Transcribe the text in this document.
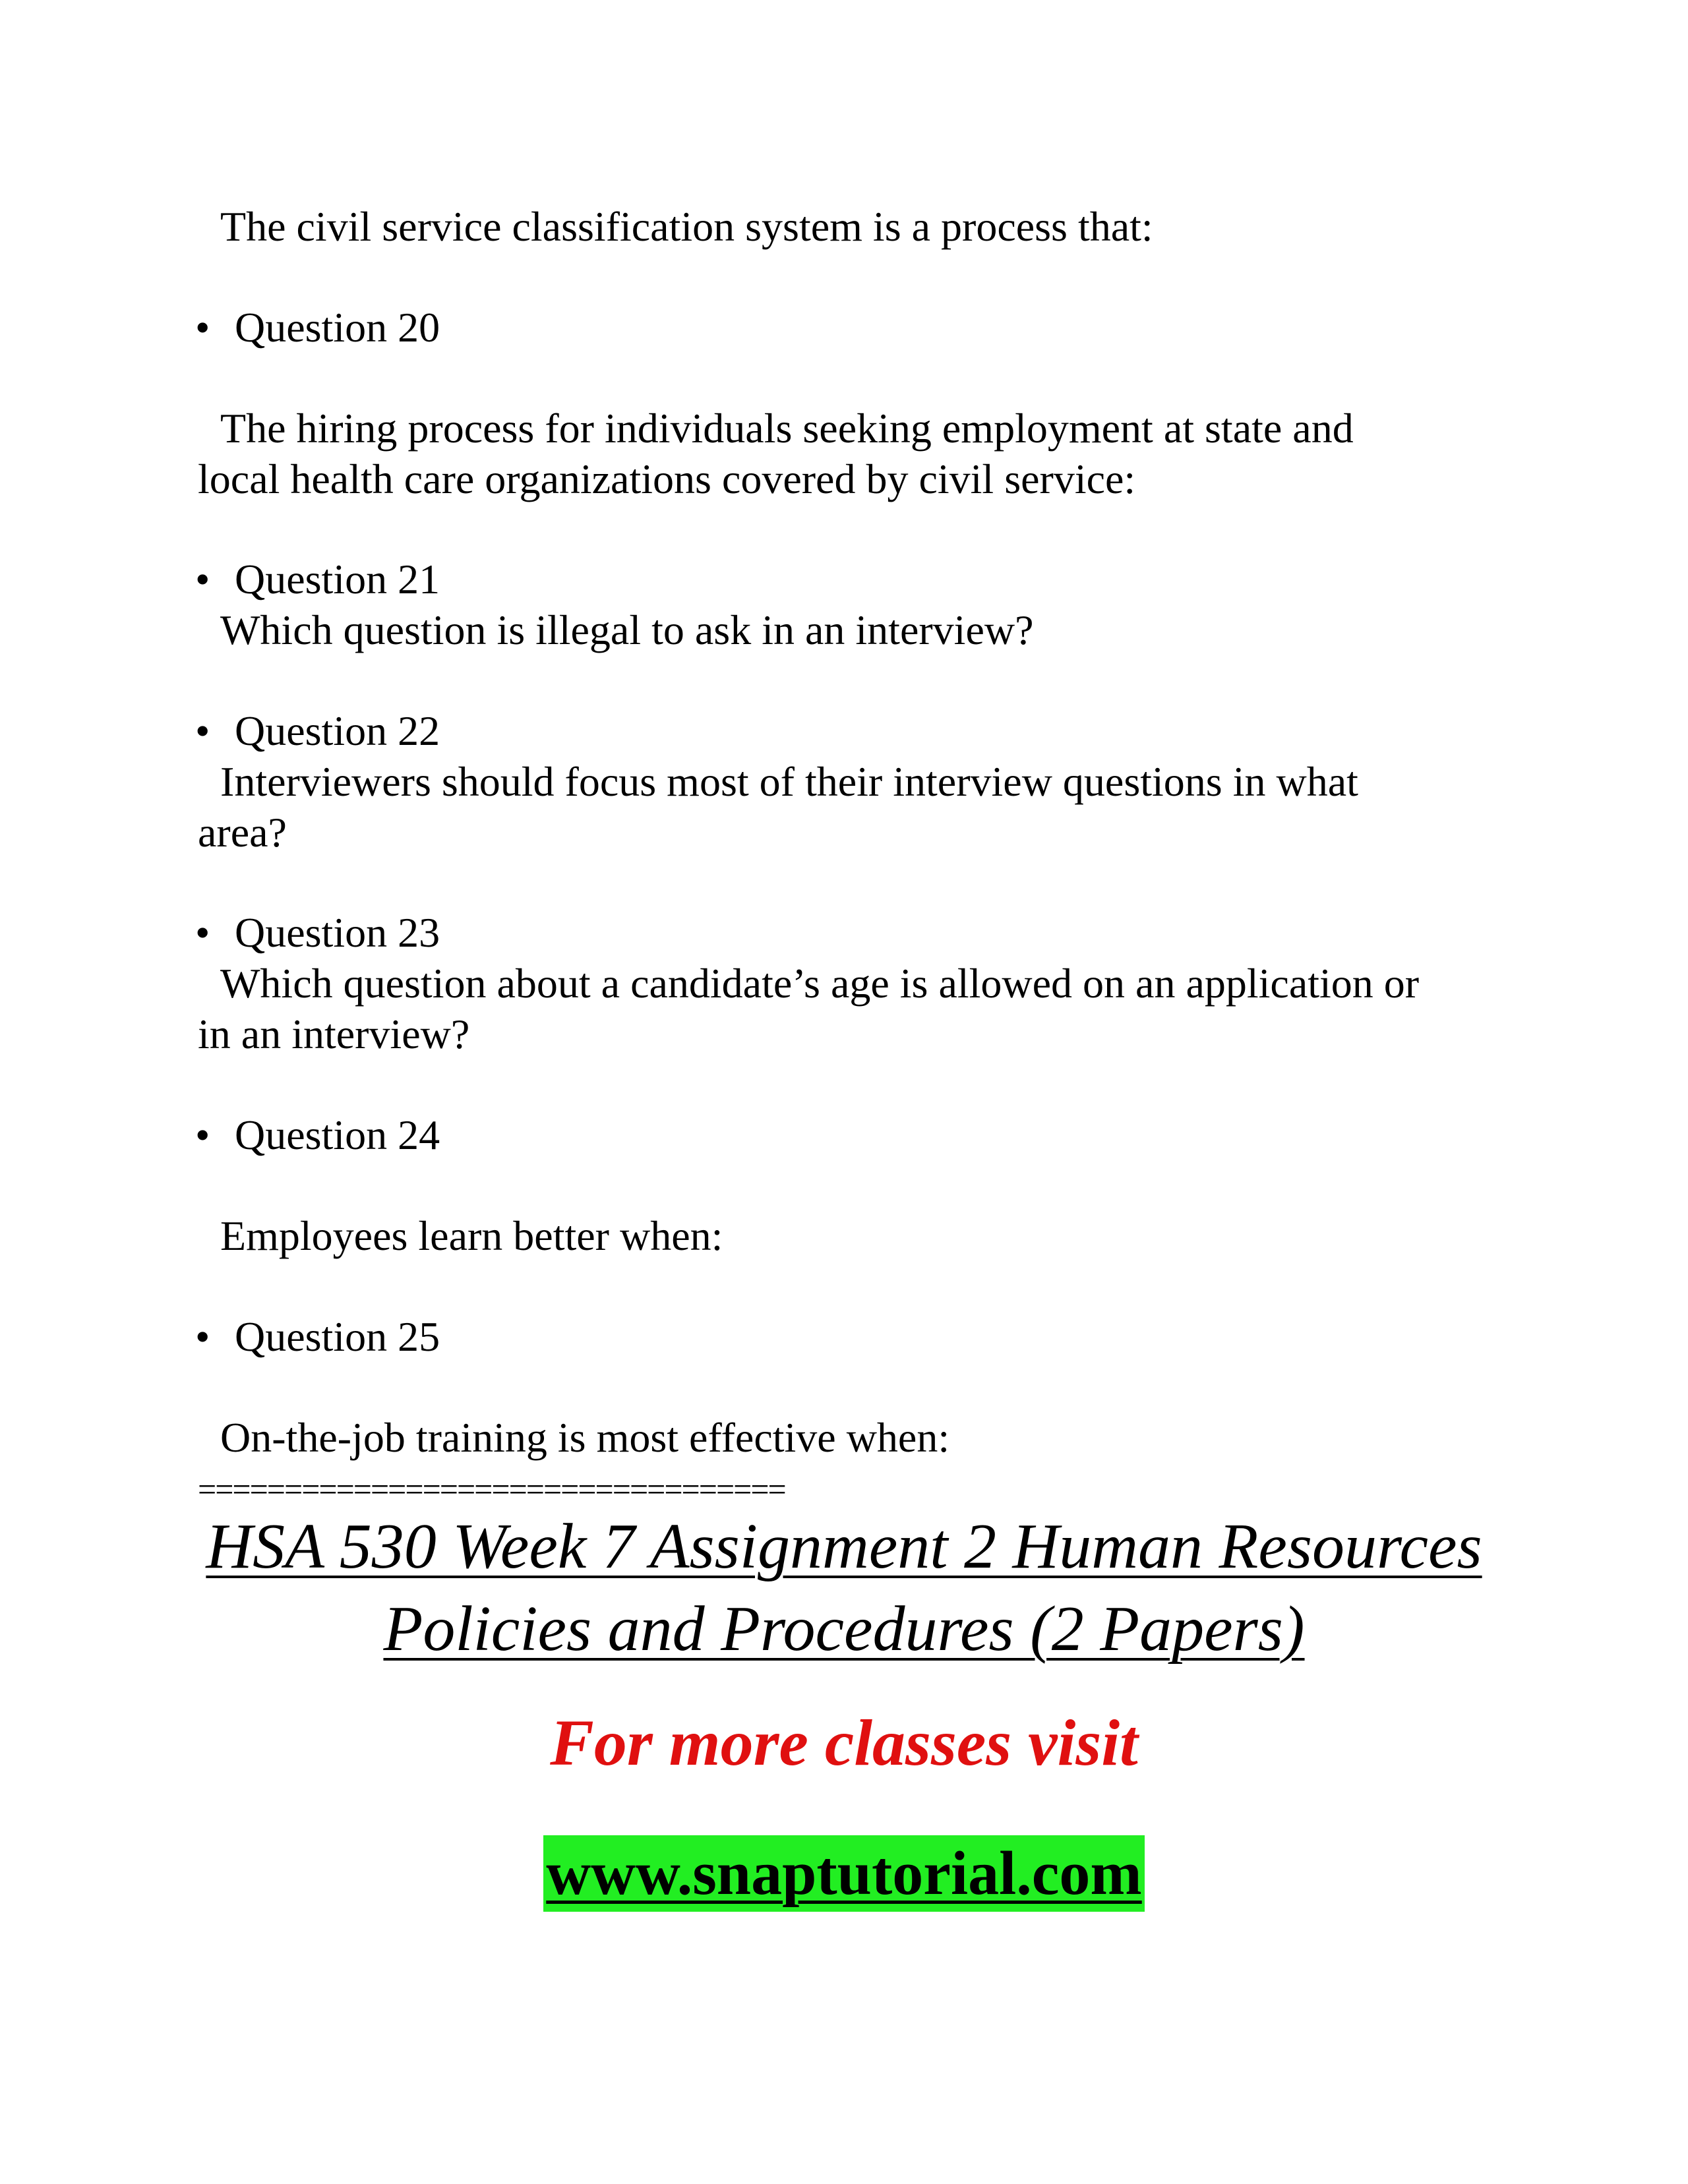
The civil service classification system is a process that:
• Question 20
The hiring process for individuals seeking employment at state and
local health care organizations covered by civil service:
• Question 21
Which question is illegal to ask in an interview?
• Question 22
Interviewers should focus most of their interview questions in what
area?
• Question 23
Which question about a candidate’s age is allowed on an application or
in an interview?
• Question 24
Employees learn better when:
• Question 25
On-the-job training is most effective when:
==================================
HSA 530 Week 7 Assignment 2 Human Resources
Policies and Procedures (2 Papers)
For more classes visit
www.snaptutorial.com
